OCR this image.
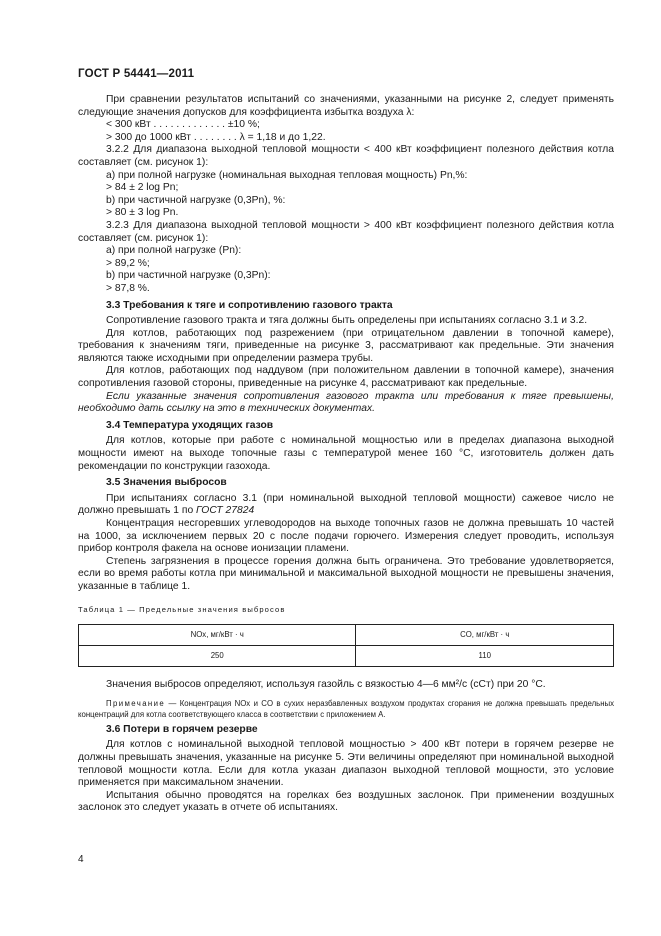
ГОСТ Р 54441—2011

При сравнении результатов испытаний со значениями, указанными на рисунке 2, следует применять следующие значения допусков для коэффициента избытка воздуха λ:

< 300 кВт . . . . . . . . . . . . . ±10 %;

> 300 до 1000 кВт . . . . . . . . λ = 1,18 и до 1,22.

3.2.2 Для диапазона выходной тепловой мощности < 400 кВт коэффициент полезного действия котла составляет (см. рисунок 1):

a) при полной нагрузке (номинальная выходная тепловая мощность) Pn,%:

> 84 ± 2 log Pn;

b) при частичной нагрузке (0,3Pn), %:

> 80 ± 3 log Pn.

3.2.3 Для диапазона выходной тепловой мощности > 400 кВт коэффициент полезного действия котла составляет (см. рисунок 1):

a) при полной нагрузке (Pn):

> 89,2 %;

b) при частичной нагрузке (0,3Pn):

> 87,8 %.

3.3 Требования к тяге и сопротивлению газового тракта

Сопротивление газового тракта и тяга должны быть определены при испытаниях согласно 3.1 и 3.2.

Для котлов, работающих под разрежением (при отрицательном давлении в топочной камере), требования к значениям тяги, приведенные на рисунке 3, рассматривают как предельные. Эти значения являются также исходными при определении размера трубы.

Для котлов, работающих под наддувом (при положительном давлении в топочной камере), значения сопротивления газовой стороны, приведенные на рисунке 4, рассматривают как предельные.

Если указанные значения сопротивления газового тракта или требования к тяге превышены, необходимо дать ссылку на это в технических документах.

3.4 Температура уходящих газов

Для котлов, которые при работе с номинальной мощностью или в пределах диапазона выходной мощности имеют на выходе топочные газы с температурой менее 160 °С, изготовитель должен дать рекомендации по конструкции газохода.

3.5 Значения выбросов

При испытаниях согласно 3.1 (при номинальной выходной тепловой мощности) сажевое число не должно превышать 1 по ГОСТ 27824

Концентрация несгоревших углеводородов на выходе топочных газов не должна превышать 10 частей на 1000, за исключением первых 20 с после подачи горючего. Измерения следует проводить, используя прибор контроля факела на основе ионизации пламени.

Степень загрязнения в процессе горения должна быть ограничена. Это требование удовлетворяется, если во время работы котла при минимальной и максимальной выходной мощности не превышены значения, указанные в таблице 1.

Таблица 1 — Предельные значения выбросов

NOx, мг/кВт · ч	CO, мг/кВт · ч
250	110

Значения выбросов определяют, используя газойль с вязкостью 4—6 мм²/с (сСт) при 20 °С.

Примечание — Концентрация NOx и CO в сухих неразбавленных воздухом продуктах сгорания не должна превышать предельных концентраций для котла соответствующего класса в соответствии с приложением А.

3.6 Потери в горячем резерве

Для котлов с номинальной выходной тепловой мощностью > 400 кВт потери в горячем резерве не должны превышать значения, указанные на рисунке 5. Эти величины определяют при номинальной выходной тепловой мощности котла. Если для котла указан диапазон выходной тепловой мощности, это условие применяется при максимальном значении.

Испытания обычно проводятся на горелках без воздушных заслонок. При применении воздушных заслонок это следует указать в отчете об испытаниях.

4
